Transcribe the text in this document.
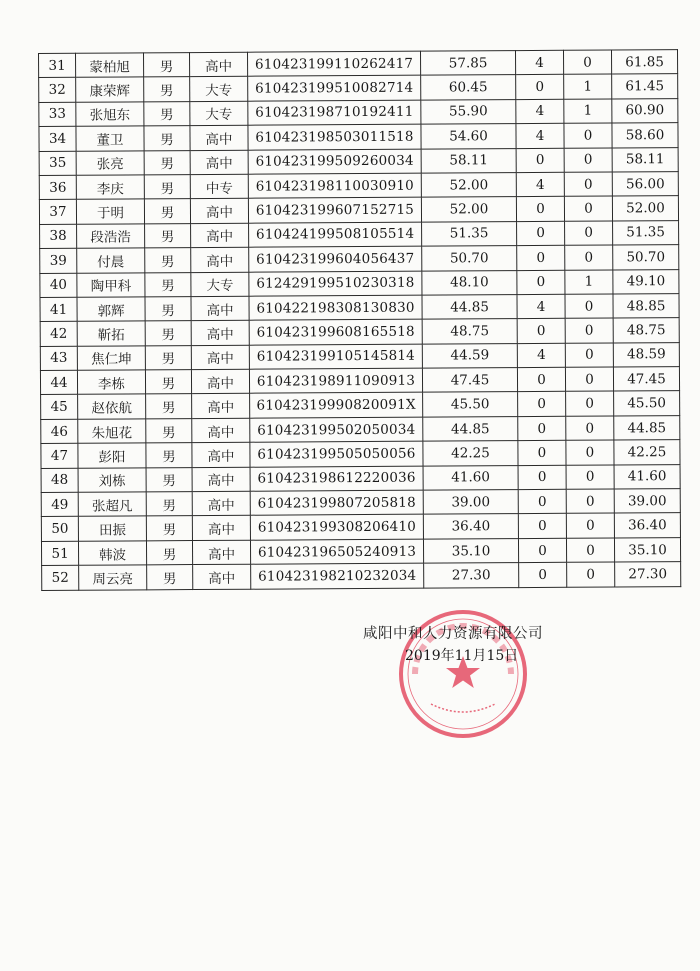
31	蒙柏旭	男	高中	610423199110262417	57.85	4	0	61.85
32	康荣辉	男	大专	610423199510082714	60.45	0	1	61.45
33	张旭东	男	大专	610423198710192411	55.90	4	1	60.90
34	董卫	男	高中	610423198503011518	54.60	4	0	58.60
35	张亮	男	高中	610423199509260034	58.11	0	0	58.11
36	李庆	男	中专	610423198110030910	52.00	4	0	56.00
37	于明	男	高中	610423199607152715	52.00	0	0	52.00
38	段浩浩	男	高中	610424199508105514	51.35	0	0	51.35
39	付晨	男	高中	610423199604056437	50.70	0	0	50.70
40	陶甲科	男	大专	612429199510230318	48.10	0	1	49.10
41	郭辉	男	高中	610422198308130830	44.85	4	0	48.85
42	靳拓	男	高中	610423199608165518	48.75	0	0	48.75
43	焦仁坤	男	高中	610423199105145814	44.59	4	0	48.59
44	李栋	男	高中	610423198911090913	47.45	0	0	47.45
45	赵依航	男	高中	61042319990820091X	45.50	0	0	45.50
46	朱旭花	男	高中	610423199502050034	44.85	0	0	44.85
47	彭阳	男	高中	610423199505050056	42.25	0	0	42.25
48	刘栋	男	高中	610423198612220036	41.60	0	0	41.60
49	张超凡	男	高中	610423199807205818	39.00	0	0	39.00
50	田振	男	高中	610423199308206410	36.40	0	0	36.40
51	韩波	男	高中	610423196505240913	35.10	0	0	35.10
52	周云亮	男	高中	610423198210232034	27.30	0	0	27.30
咸阳中和人力资源有限公司
2019年11月15日
